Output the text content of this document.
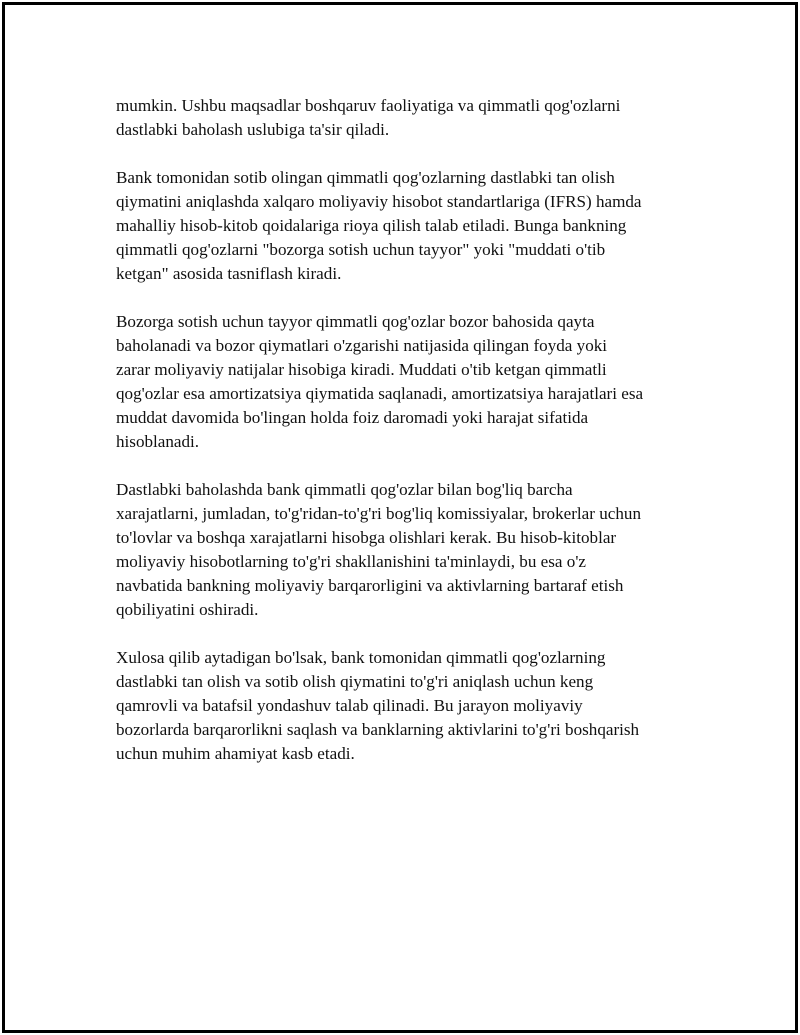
mumkin. Ushbu maqsadlar boshqaruv faoliyatiga va qimmatli qog'ozlarni
dastlabki baholash uslubiga ta'sir qiladi.

Bank tomonidan sotib olingan qimmatli qog'ozlarning dastlabki tan olish
qiymatini aniqlashda xalqaro moliyaviy hisobot standartlariga (IFRS) hamda
mahalliy hisob-kitob qoidalariga rioya qilish talab etiladi. Bunga bankning
qimmatli qog'ozlarni "bozorga sotish uchun tayyor" yoki "muddati o'tib
ketgan" asosida tasniflash kiradi.

Bozorga sotish uchun tayyor qimmatli qog'ozlar bozor bahosida qayta
baholanadi va bozor qiymatlari o'zgarishi natijasida qilingan foyda yoki
zarar moliyaviy natijalar hisobiga kiradi. Muddati o'tib ketgan qimmatli
qog'ozlar esa amortizatsiya qiymatida saqlanadi, amortizatsiya harajatlari esa
muddat davomida bo'lingan holda foiz daromadi yoki harajat sifatida
hisoblanadi.

Dastlabki baholashda bank qimmatli qog'ozlar bilan bog'liq barcha
xarajatlarni, jumladan, to'g'ridan-to'g'ri bog'liq komissiyalar, brokerlar uchun
to'lovlar va boshqa xarajatlarni hisobga olishlari kerak. Bu hisob-kitoblar
moliyaviy hisobotlarning to'g'ri shakllanishini ta'minlaydi, bu esa o'z
navbatida bankning moliyaviy barqarorligini va aktivlarning bartaraf etish
qobiliyatini oshiradi.

Xulosa qilib aytadigan bo'lsak, bank tomonidan qimmatli qog'ozlarning
dastlabki tan olish va sotib olish qiymatini to'g'ri aniqlash uchun keng
qamrovli va batafsil yondashuv talab qilinadi. Bu jarayon moliyaviy
bozorlarda barqarorlikni saqlash va banklarning aktivlarini to'g'ri boshqarish
uchun muhim ahamiyat kasb etadi.
